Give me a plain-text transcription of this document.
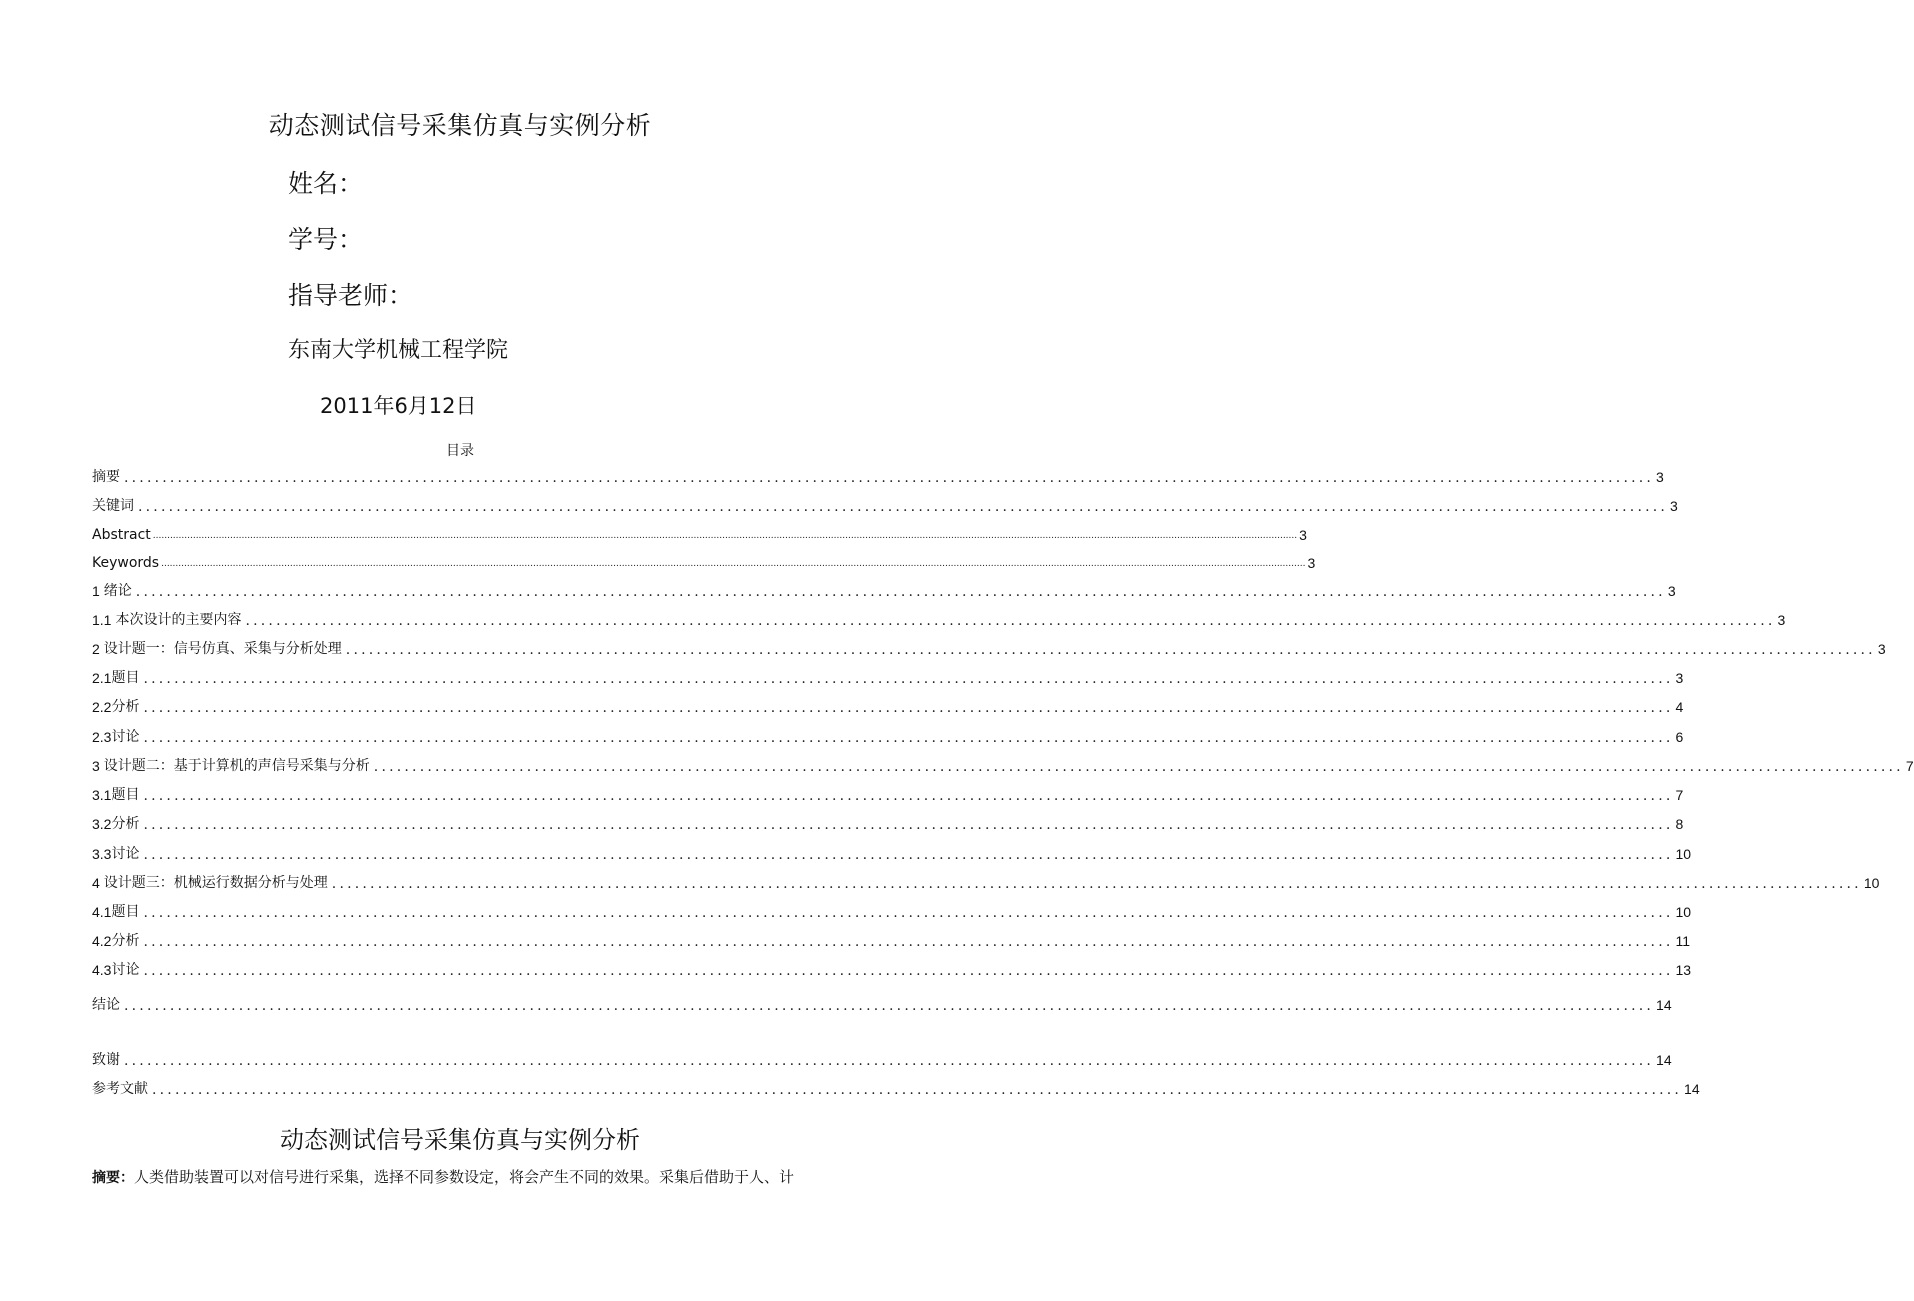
动态测试信号采集仿真与实例分析
姓名：
学号：
指导老师：
东南大学机械工程学院
2011年6月12日
目录
摘要 ........................................................................................................................................................................................................ 3
关键词 ........................................................................................................................................................................................................ 3
Abstract ................................................................................................................................................................................................................................................................................................................................................................................................................ 3
Keywords ................................................................................................................................................................................................................................................................................................................................................................................................................ 3
1 绪论 ........................................................................................................................................................................................................ 3
1.1 本次设计的主要内容 ........................................................................................................................................................................................................ 3
2 设计题一：信号仿真、采集与分析处理 ........................................................................................................................................................................................................ 3
2.1 题目 ........................................................................................................................................................................................................ 3
2.2 分析 ........................................................................................................................................................................................................ 4
2.3 讨论 ........................................................................................................................................................................................................ 6
3 设计题二：基于计算机的声信号采集与分析 ........................................................................................................................................................................................................ 7
3.1 题目 ........................................................................................................................................................................................................ 7
3.2 分析 ........................................................................................................................................................................................................ 8
3.3 讨论 ........................................................................................................................................................................................................ 10
4 设计题三：机械运行数据分析与处理 ........................................................................................................................................................................................................ 10
4.1 题目 ........................................................................................................................................................................................................ 10
4.2 分析 ........................................................................................................................................................................................................ 11
4.3 讨论 ........................................................................................................................................................................................................ 13
结论 ........................................................................................................................................................................................................ 14
致谢 ........................................................................................................................................................................................................ 14
参考文献 ........................................................................................................................................................................................................ 14
动态测试信号采集仿真与实例分析
摘要：人类借助装置可以对信号进行采集，选择不同参数设定，将会产生不同的效果。采集后借助于人、计
